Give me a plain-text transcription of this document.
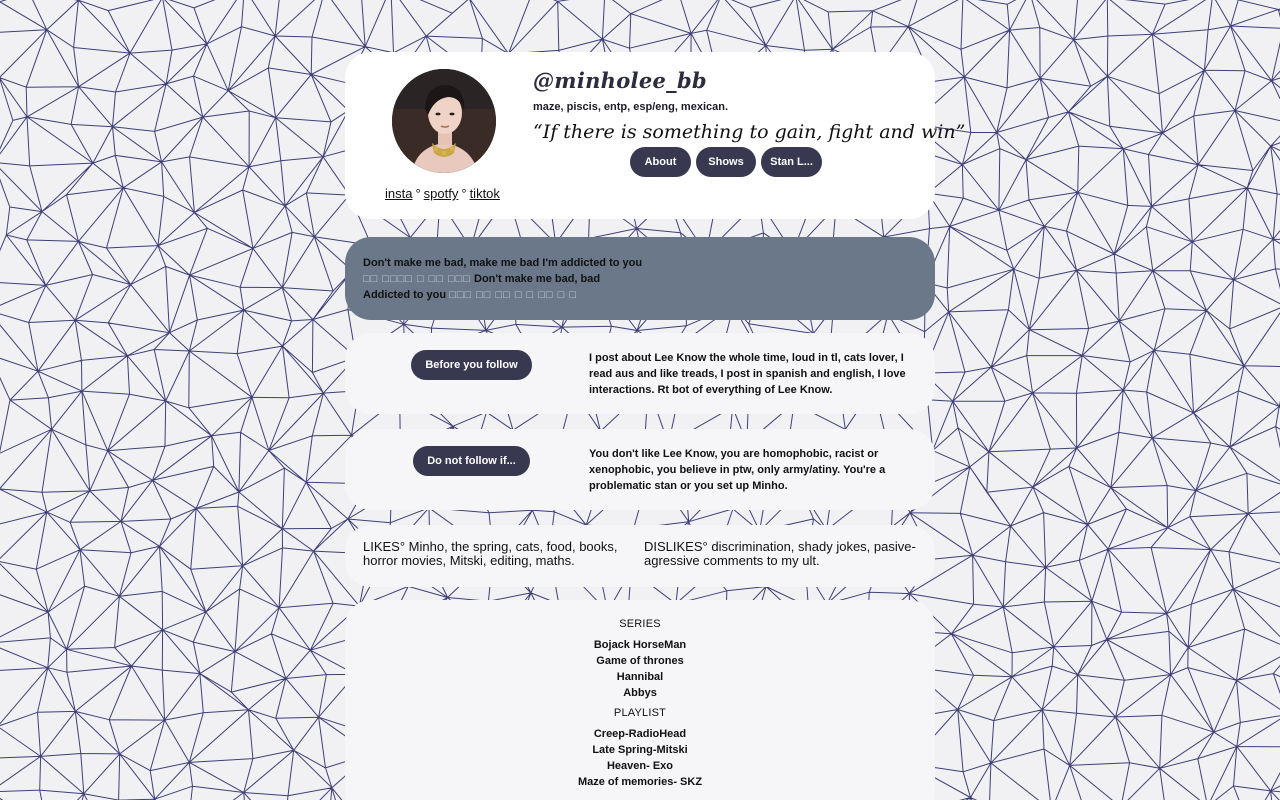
insta ° spotfy ° tiktok
@minholee_bb
maze, piscis, entp, esp/eng, mexican.
“If there is something to gain, fight and win”
About	Shows	Stan L...
Don't make me bad, make me bad I'm addicted to you
□□ □□□□ □ □□ □□□ Don't make me bad, bad
Addicted to you □□□ □□ □□ □ □ □□ □ □
Before you follow
I post about Lee Know the whole time, loud in tl, cats lover, I read aus and like treads, I post in spanish and english, I love interactions. Rt bot of everything of Lee Know.
Do not follow if...
You don't like Lee Know, you are homophobic, racist or xenophobic, you believe in ptw, only army/atiny. You're a problematic stan or you set up Minho.
LIKES° Minho, the spring, cats, food, books, horror movies, Mitski, editing, maths.
DISLIKES° discrimination, shady jokes, pasive-agressive comments to my ult.
SERIES
Bojack HorseMan
Game of thrones
Hannibal
Abbys
PLAYLIST
Creep-RadioHead
Late Spring-Mitski
Heaven- Exo
Maze of memories- SKZ
